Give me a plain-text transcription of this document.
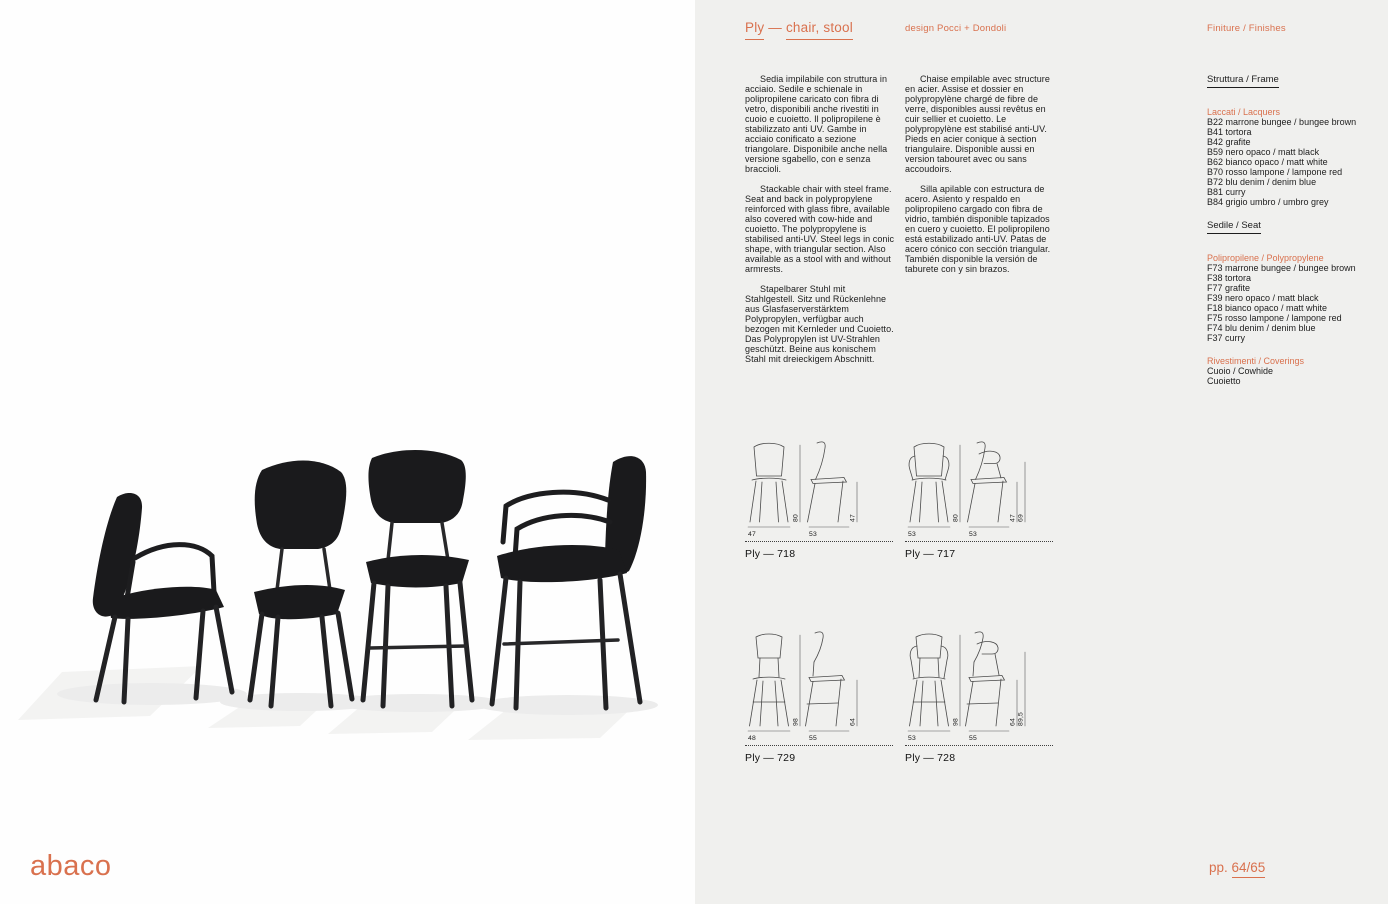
abaco
Ply — chair, stool	design Pocci + Dondoli	Finiture / Finishes

Sedia impilabile con struttura in acciaio. Sedile e schienale in polipropilene caricato con fibra di vetro, disponibili anche rivestiti in cuoio e cuoietto. Il polipropilene è stabilizzato anti UV. Gambe in acciaio conificato a sezione triangolare. Disponibile anche nella versione sgabello, con e senza braccioli.

Stackable chair with steel frame. Seat and back in polypropylene reinforced with glass fibre, available also covered with cow-hide and cuoietto. The polypropylene is stabilised anti-UV. Steel legs in conic shape, with triangular section. Also available as a stool with and without armrests.

Stapelbarer Stuhl mit Stahlgestell. Sitz und Rückenlehne aus Glasfaserverstärktem Polypropylen, verfügbar auch bezogen mit Kernleder und Cuoietto. Das Polypropylen ist UV-Strahlen geschützt. Beine aus konischem Stahl mit dreieckigem Abschnitt.

Chaise empilable avec structure en acier. Assise et dossier en polypropylène chargé de fibre de verre, disponibles aussi revêtus en cuir sellier et cuoietto. Le polypropylène est stabilisé anti-UV. Pieds en acier conique à section triangulaire. Disponible aussi en version tabouret avec ou sans accoudoirs.

Silla apilable con estructura de acero. Asiento y respaldo en polipropileno cargado con fibra de vidrio, también disponible tapizados en cuero y cuoietto. El polipropileno está estabilizado anti-UV. Patas de acero cónico con sección triangular. También disponible la versión de taburete con y sin brazos.

Struttura / Frame
Laccati / Lacquers
B22 marrone bungee / bungee brown
B41 tortora
B42 grafite
B59 nero opaco / matt black
B62 bianco opaco / matt white
B70 rosso lampone / lampone red
B72 blu denim / denim blue
B81 curry
B84 grigio umbro / umbro grey
Sedile / Seat
Polipropilene / Polypropylene
F73 marrone bungee / bungee brown
F38 tortora
F77 grafite
F39 nero opaco / matt black
F18 bianco opaco / matt white
F75 rosso lampone / lampone red
F74 blu denim / denim blue
F37 curry
Rivestimenti / Coverings
Cuoio / Cowhide
Cuoietto
47
80
53
47
Ply — 718
53
80
53
47 69
Ply — 717
48
98
55
64
Ply — 729
53
98
55
64 89,5
Ply — 728
pp. 64/65
